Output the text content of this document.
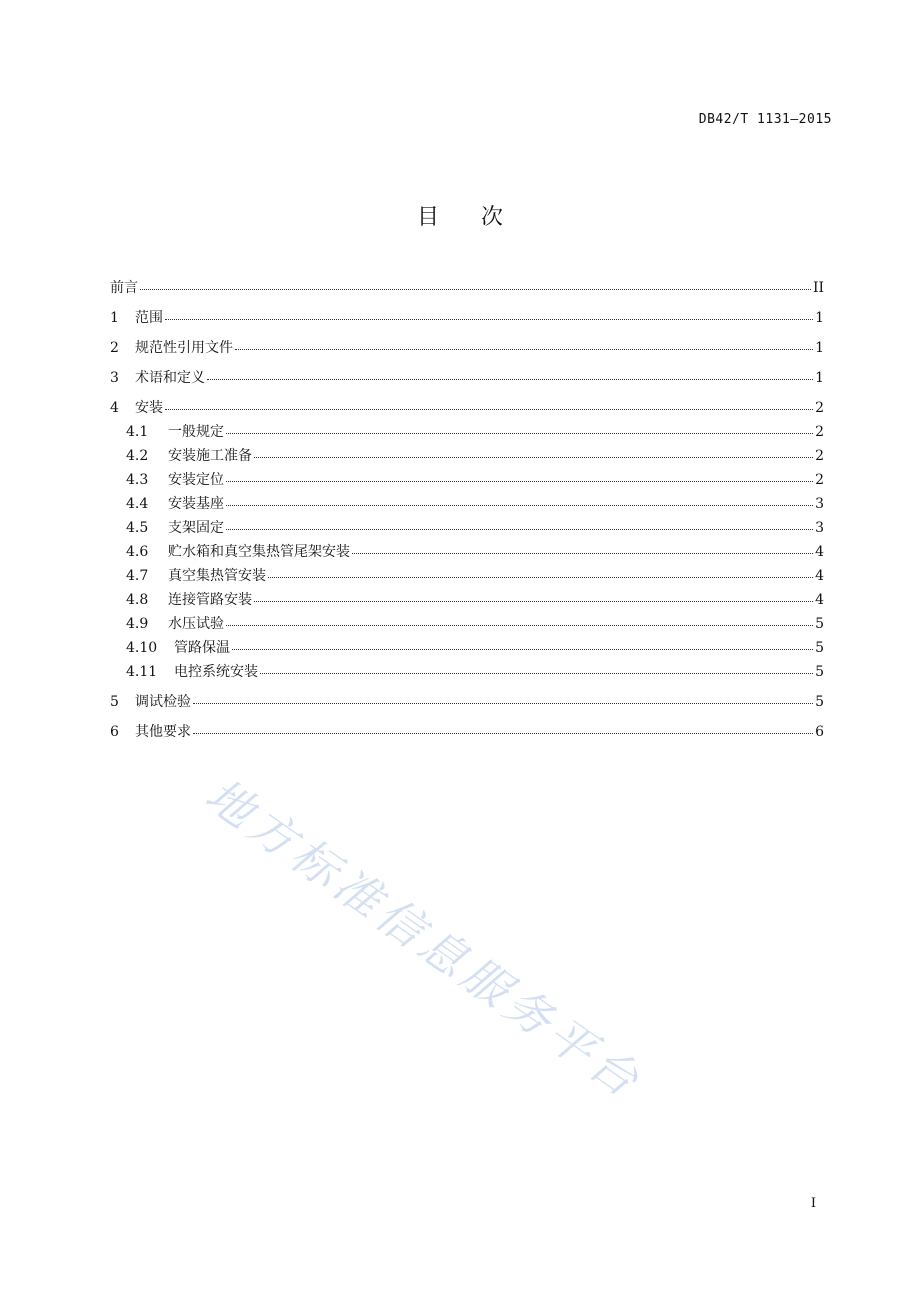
DB42/T 1131—2015
目 次
前言	II
1	范围	1
2	规范性引用文件	1
3	术语和定义	1
4	安装	2
4.1	一般规定	2
4.2	安装施工准备	2
4.3	安装定位	2
4.4	安装基座	3
4.5	支架固定	3
4.6	贮水箱和真空集热管尾架安装	4
4.7	真空集热管安装	4
4.8	连接管路安装	4
4.9	水压试验	5
4.10	管路保温	5
4.11	电控系统安装	5
5	调试检验	5
6	其他要求	6
地方标准信息服务平台
I
